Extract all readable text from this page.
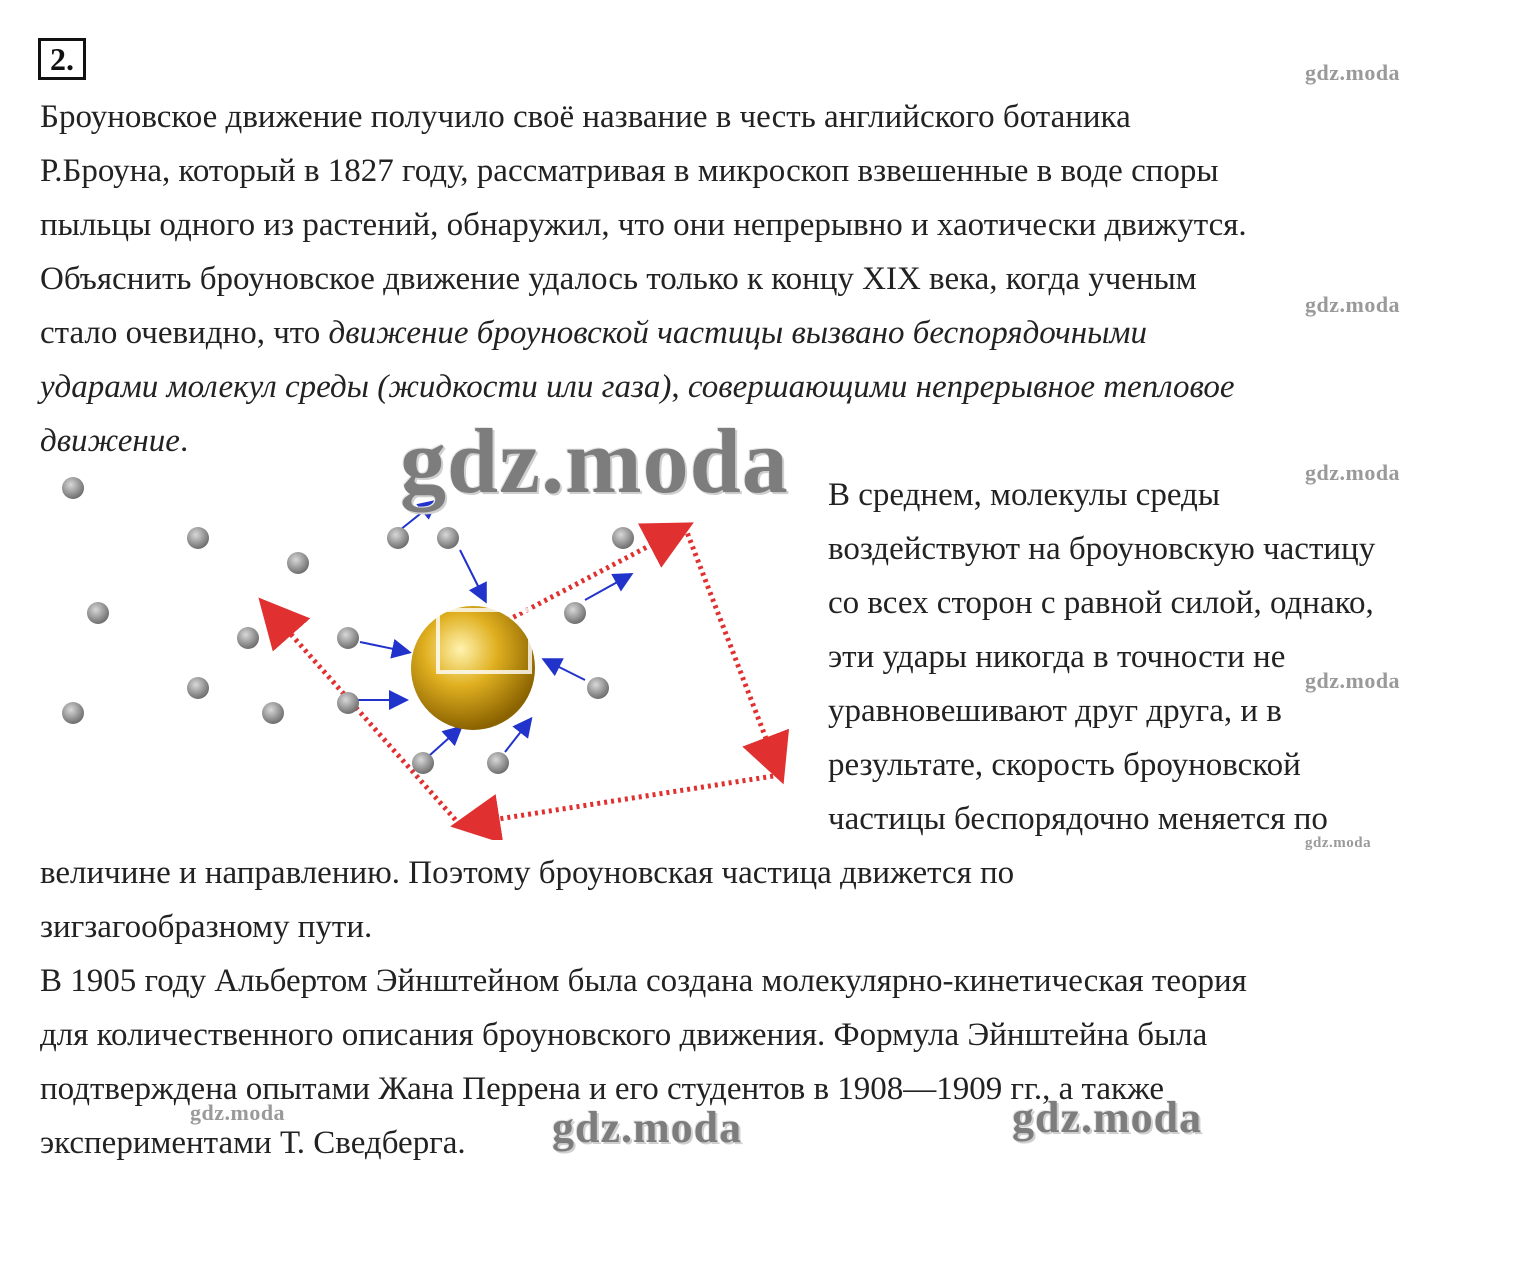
2.
Броуновское движение получило своё название в честь английского ботаника
Р.Броуна, который в 1827 году, рассматривая в микроскоп взвешенные в воде споры
пыльцы одного из растений, обнаружил, что они непрерывно и хаотически движутся.
Объяснить броуновское движение удалось только к концу XIX века, когда ученым
стало очевидно, что движение броуновской частицы вызвано беспорядочными
ударами молекул среды (жидкости или газа), совершающими непрерывное тепловое
движение.
В среднем, молекулы среды
воздействуют на броуновскую частицу
со всех сторон с равной силой, однако,
эти удары никогда в точности не
уравновешивают друг друга, и в
результате, скорость броуновской
частицы беспорядочно меняется по
величине и направлению. Поэтому броуновская частица движется по
зигзагообразному пути.
В 1905 году Альбертом Эйнштейном была создана молекулярно-кинетическая теория
для количественного описания броуновского движения. Формула Эйнштейна была
подтверждена опытами Жана Перрена и его студентов в 1908—1909 гг., а также
экспериментами Т. Сведберга.
gdz.moda
gdz.moda
gdz.moda
gdz.moda
gdz.moda
gdz.moda
gdz.moda
gdz.moda	gdz.moda
